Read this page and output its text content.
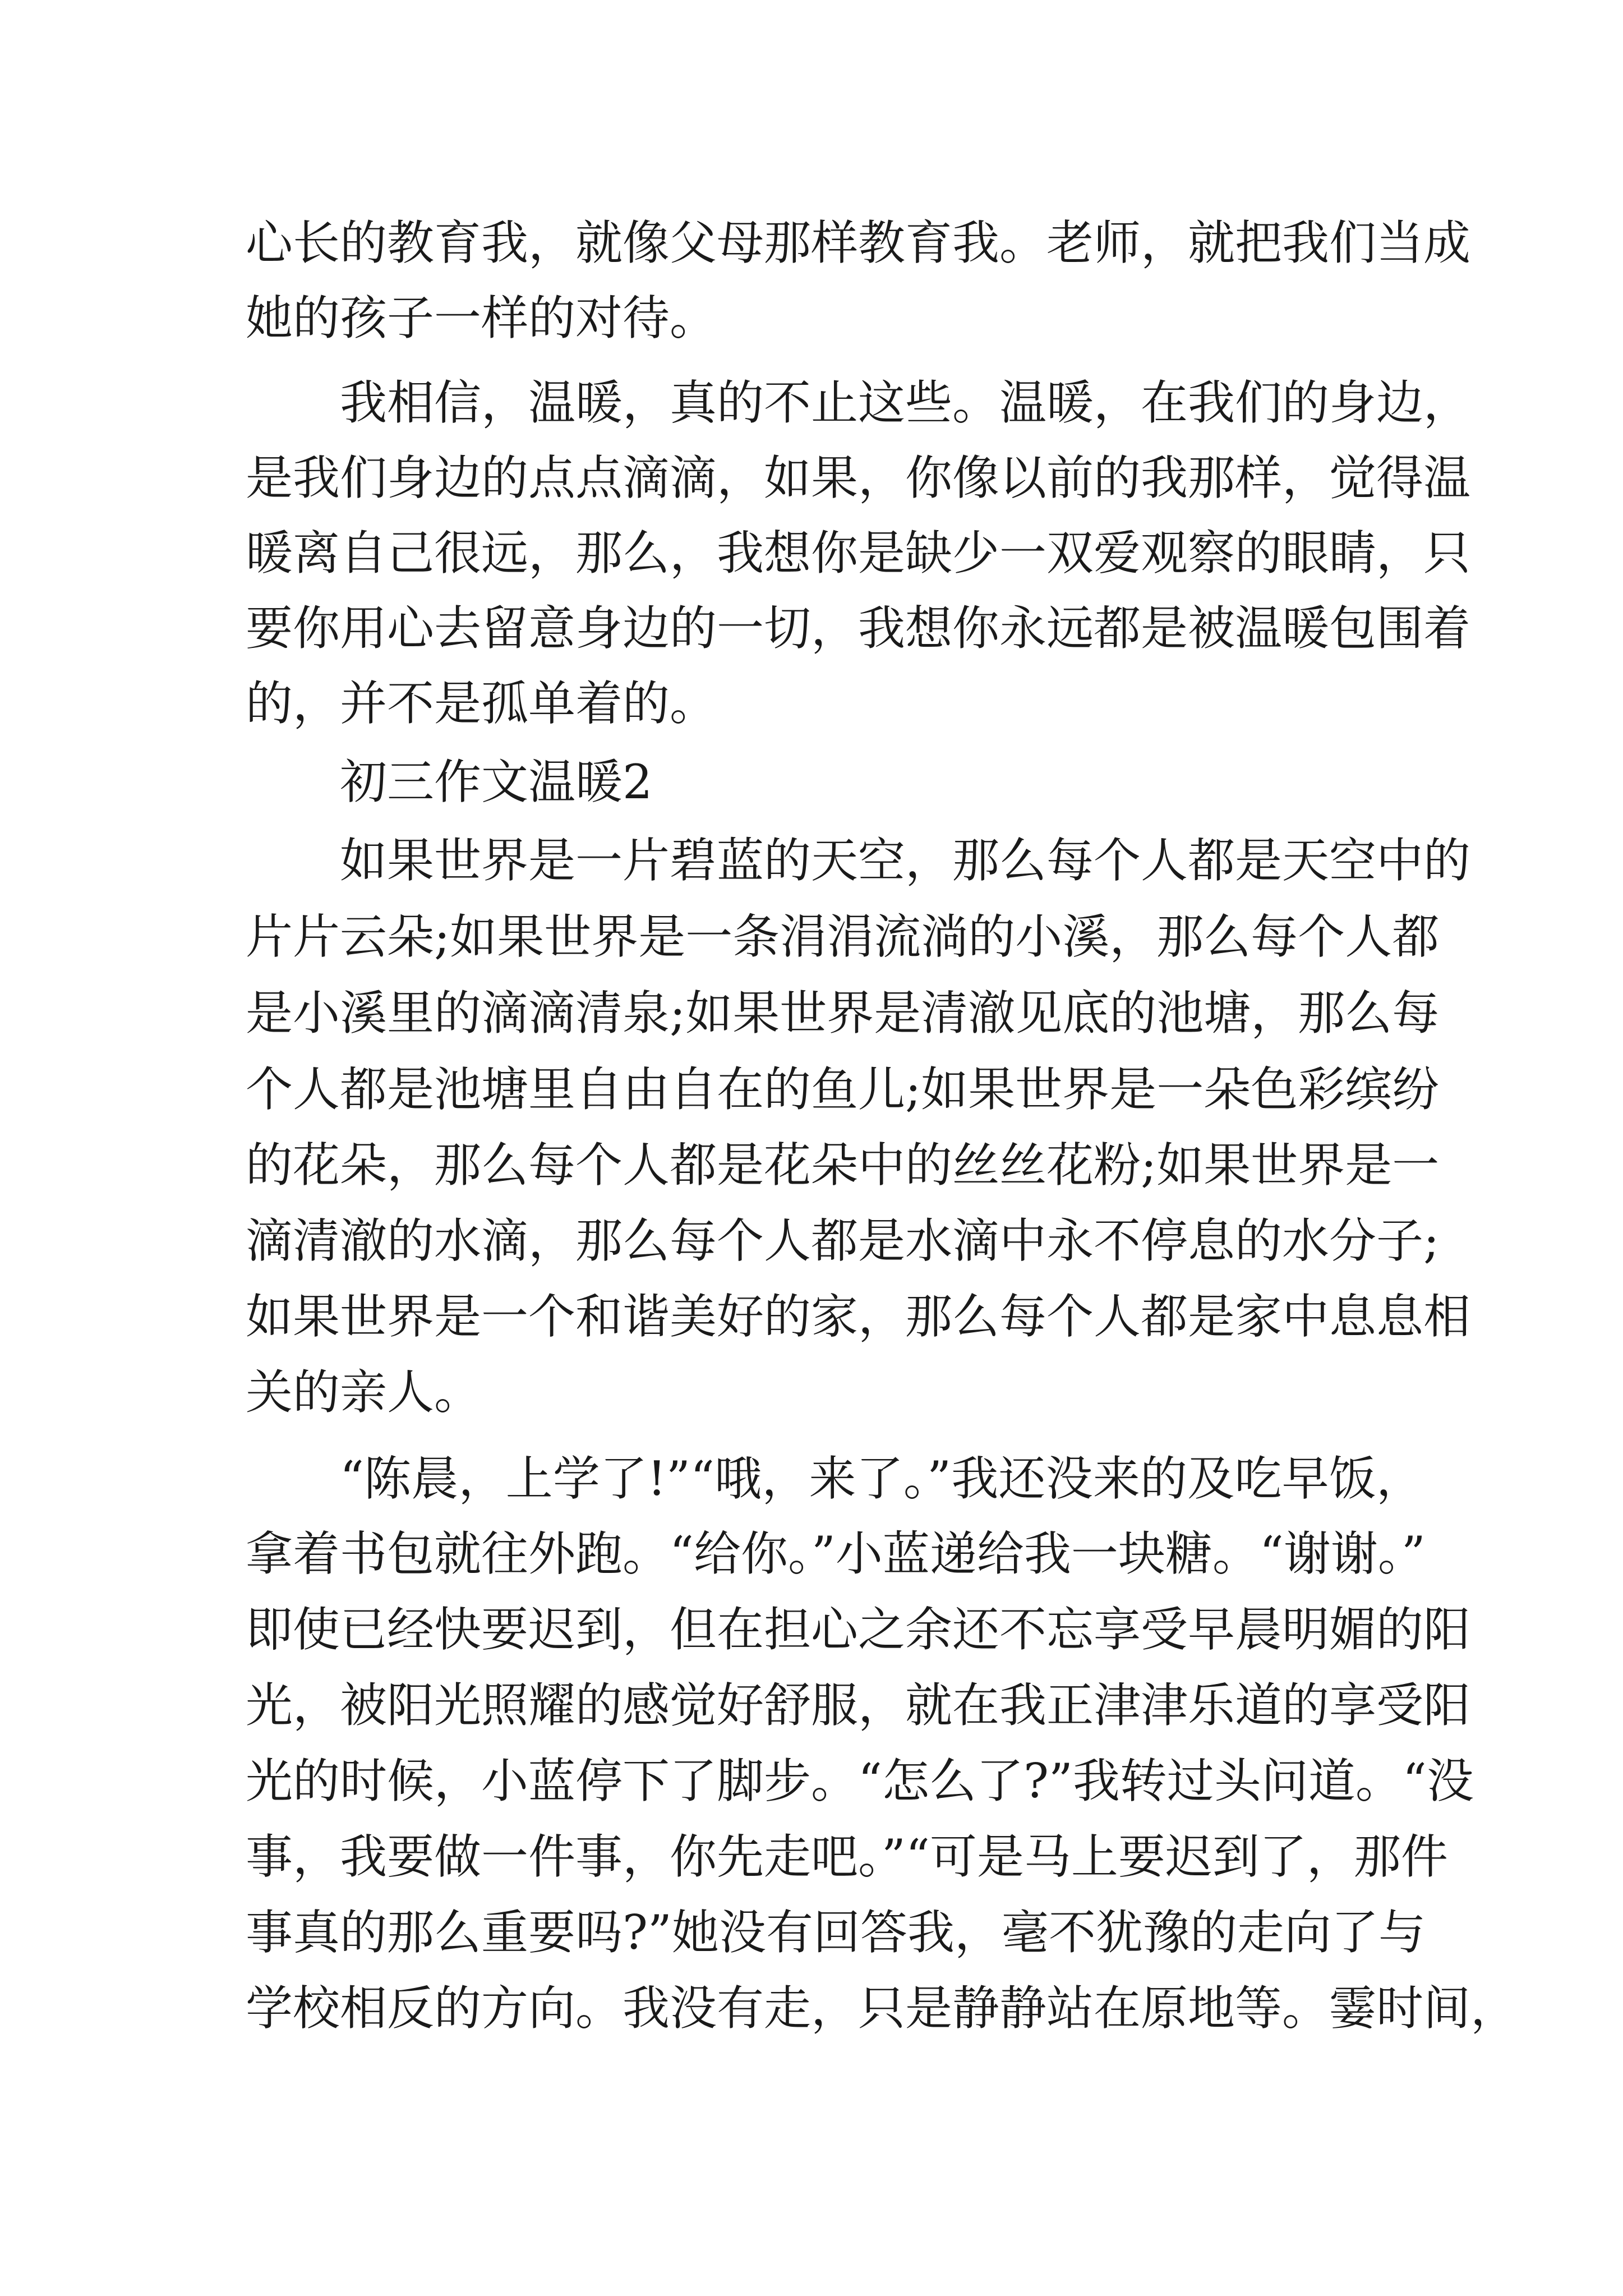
心长的教育我，就像父母那样教育我。老师，就把我们当成
她的孩子一样的对待。
我相信，温暖，真的不止这些。温暖，在我们的身边，
是我们身边的点点滴滴，如果，你像以前的我那样，觉得温
暖离自己很远，那么，我想你是缺少一双爱观察的眼睛，只
要你用心去留意身边的一切，我想你永远都是被温暖包围着
的，并不是孤单着的。
初三作文温暖2
如果世界是一片碧蓝的天空，那么每个人都是天空中的
片片云朵;如果世界是一条涓涓流淌的小溪，那么每个人都
是小溪里的滴滴清泉;如果世界是清澈见底的池塘，那么每
个人都是池塘里自由自在的鱼儿;如果世界是一朵色彩缤纷
的花朵，那么每个人都是花朵中的丝丝花粉;如果世界是一
滴清澈的水滴，那么每个人都是水滴中永不停息的水分子;
如果世界是一个和谐美好的家，那么每个人都是家中息息相
关的亲人。
“陈晨，上学了!”“哦，来了。”我还没来的及吃早饭，
拿着书包就往外跑。“给你。”小蓝递给我一块糖。“谢谢。”
即使已经快要迟到，但在担心之余还不忘享受早晨明媚的阳
光，被阳光照耀的感觉好舒服，就在我正津津乐道的享受阳
光的时候，小蓝停下了脚步。“怎么了?”我转过头问道。“没
事，我要做一件事，你先走吧。”“可是马上要迟到了，那件
事真的那么重要吗?”她没有回答我，毫不犹豫的走向了与
学校相反的方向。我没有走，只是静静站在原地等。霎时间，
